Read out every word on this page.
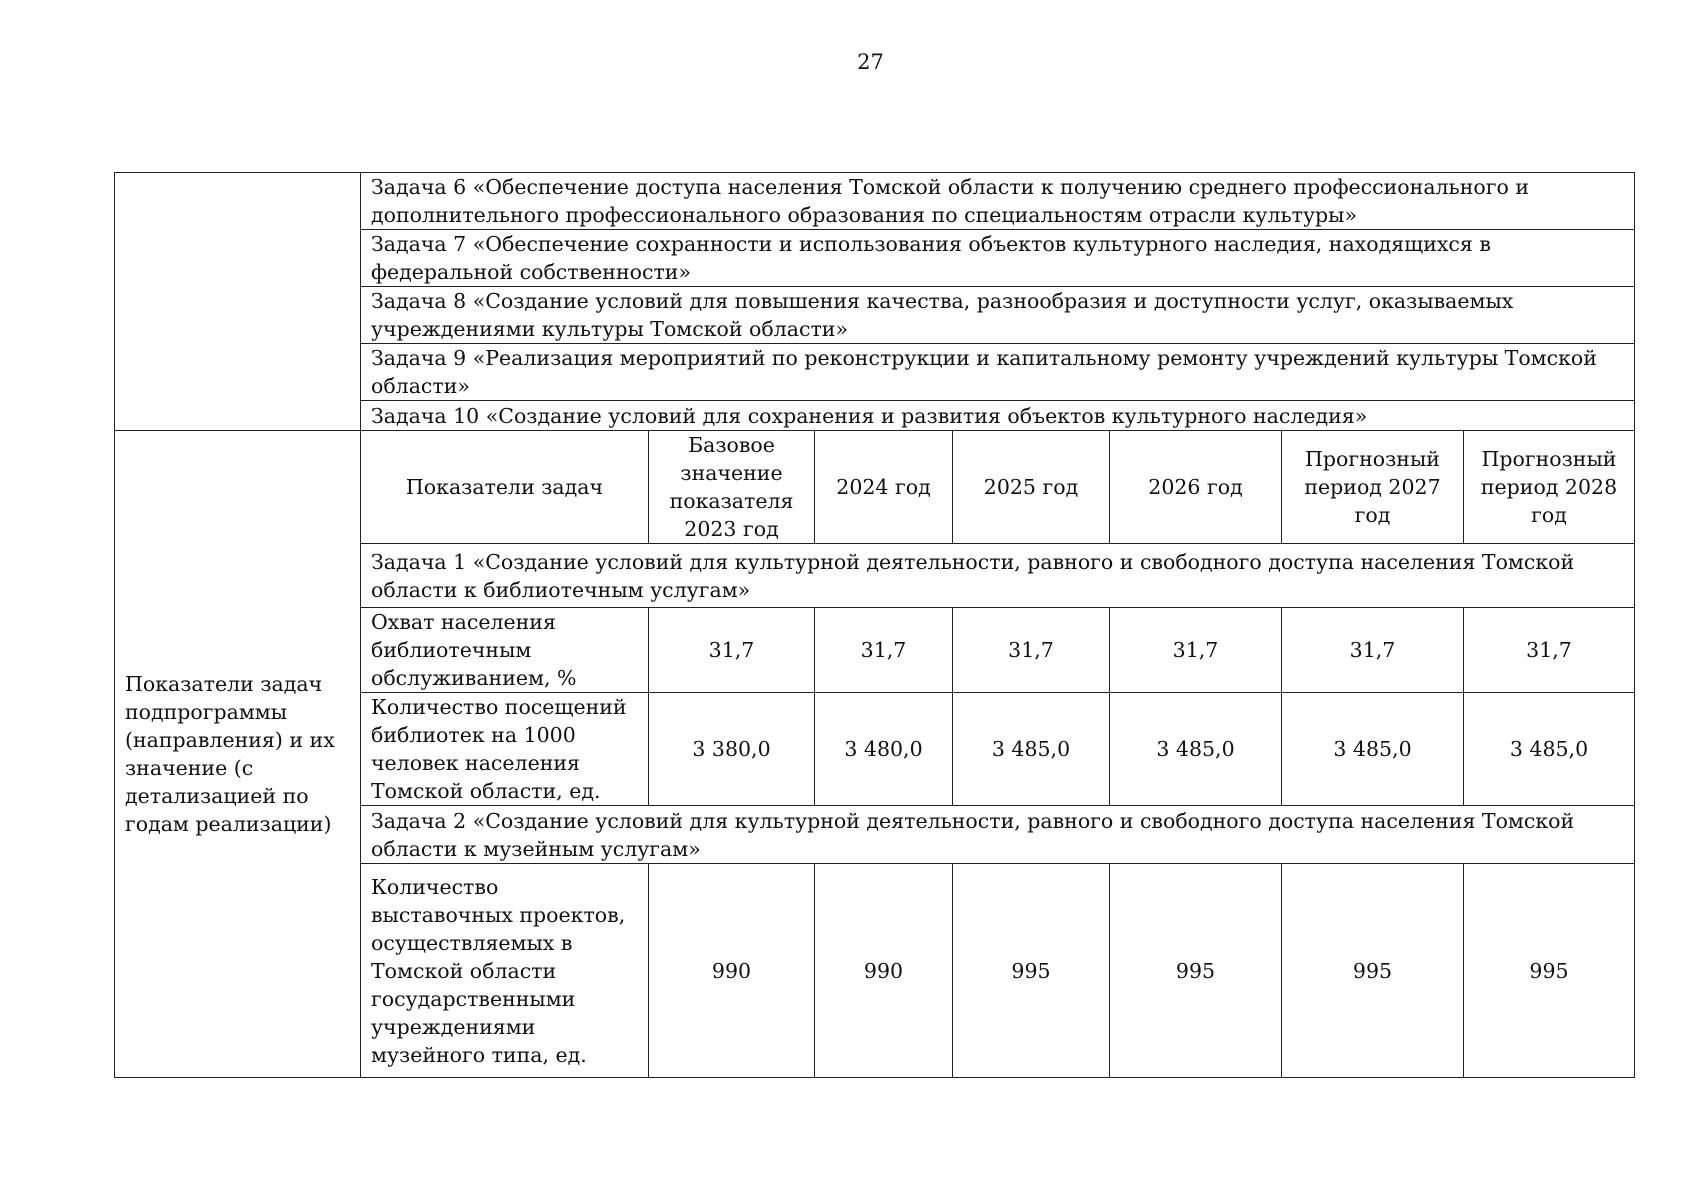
27
	Задача 6 «Обеспечение доступа населения Томской области к получению среднего профессионального и дополнительного профессионального образования по специальностям отрасли культуры»						
	Задача 7 «Обеспечение сохранности и использования объектов культурного наследия, находящихся в федеральной собственности»						
	Задача 8 «Создание условий для повышения качества, разнообразия и доступности услуг, оказываемых учреждениями культуры Томской области»						
	Задача 9 «Реализация мероприятий по реконструкции и капитальному ремонту учреждений культуры Томской области»						
	Задача 10 «Создание условий для сохранения и развития объектов культурного наследия»						
Показатели задач подпрограммы (направления) и их значение (с детализацией по годам реализации)	Показатели задач	Базовое значение показателя 2023 год	2024 год	2025 год	2026 год	Прогнозный период 2027 год	Прогнозный период 2028 год
	Задача 1 «Создание условий для культурной деятельности, равного и свободного доступа населения Томской области к библиотечным услугам»						
	Охват населения библиотечным обслуживанием, %	31,7	31,7	31,7	31,7	31,7	31,7
	Количество посещений библиотек на 1000 человек населения Томской области, ед.	3 380,0	3 480,0	3 485,0	3 485,0	3 485,0	3 485,0
	Задача 2 «Создание условий для культурной деятельности, равного и свободного доступа населения Томской области к музейным услугам»						
	Количество выставочных проектов, осуществляемых в Томской области государственными учреждениями музейного типа, ед.	990	990	995	995	995	995
